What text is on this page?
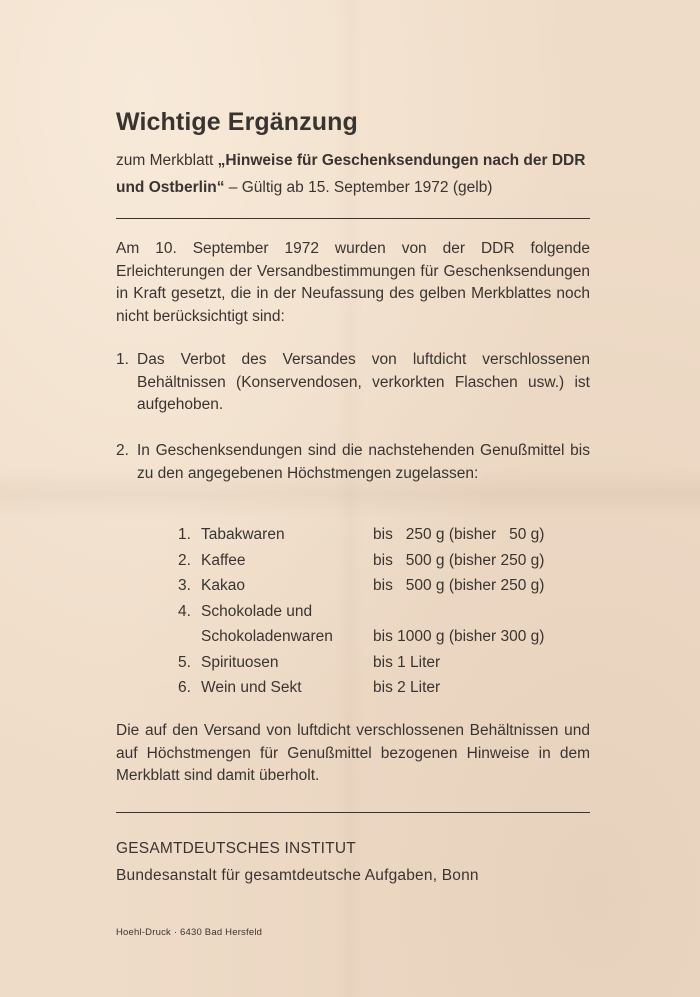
Wichtige Ergänzung
zum Merkblatt „Hinweise für Geschenksendungen nach der DDR und Ostberlin“ – Gültig ab 15. September 1972 (gelb)
Am 10. September 1972 wurden von der DDR folgende Erleichterungen der Versandbestimmungen für Geschenksendungen in Kraft gesetzt, die in der Neufassung des gelben Merkblattes noch nicht berücksichtigt sind:
1. Das Verbot des Versandes von luftdicht verschlossenen Behältnissen (Konservendosen, verkorkten Flaschen usw.) ist aufgehoben.
2. In Geschenksendungen sind die nachstehenden Genußmittel bis zu den angegebenen Höchstmengen zugelassen:
1. Tabakwaren	bis   250 g (bisher   50 g)
2. Kaffee	bis   500 g (bisher 250 g)
3. Kakao	bis   500 g (bisher 250 g)
4. Schokolade und
Schokoladenwaren	bis 1000 g (bisher 300 g)
5. Spirituosen	bis 1 Liter
6. Wein und Sekt	bis 2 Liter
Die auf den Versand von luftdicht verschlossenen Behältnissen und auf Höchstmengen für Genußmittel bezogenen Hinweise in dem Merkblatt sind damit überholt.
GESAMTDEUTSCHES INSTITUT
Bundesanstalt für gesamtdeutsche Aufgaben, Bonn
Hoehl-Druck · 6430 Bad Hersfeld
